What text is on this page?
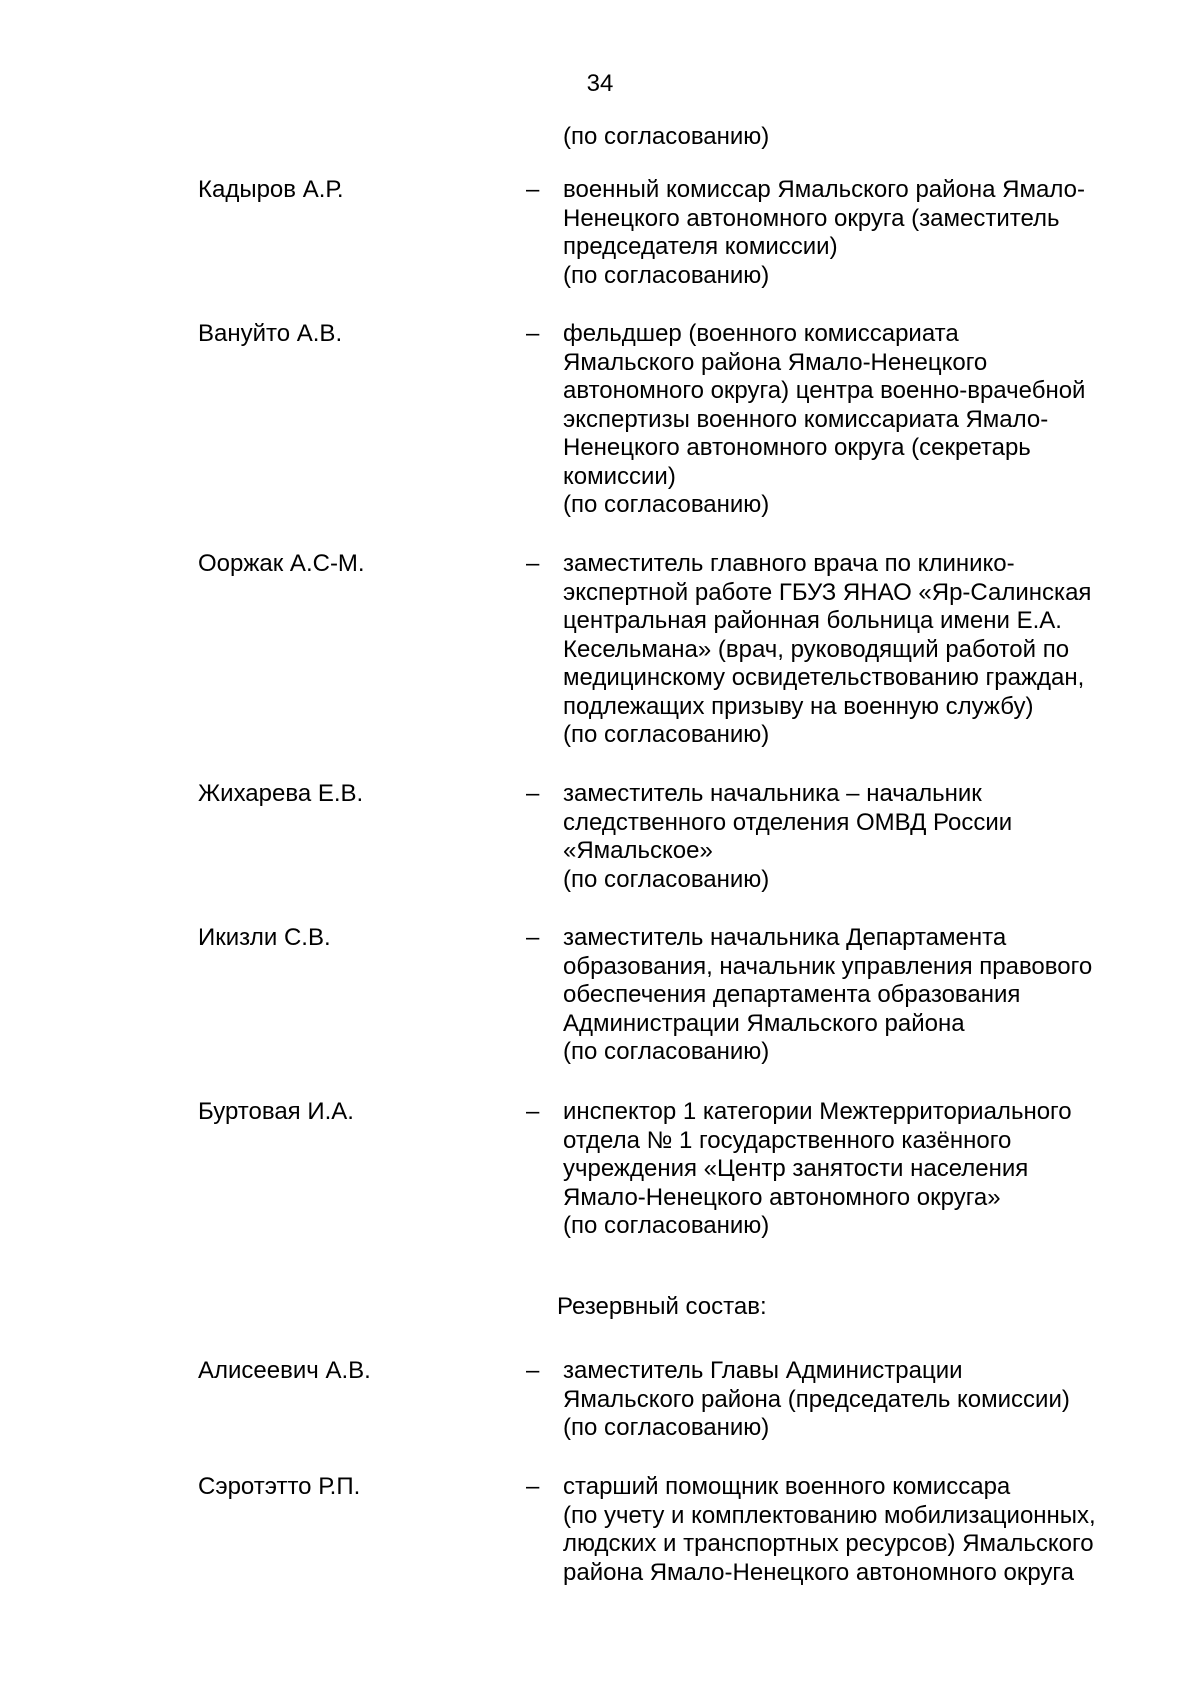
34
(по согласованию)
Кадыров А.Р.	– военный комиссар Ямальского района Ямало-
Ненецкого автономного округа (заместитель
председателя комиссии)
(по согласованию)
Вануйто А.В.	– фельдшер (военного комиссариата
Ямальского района Ямало-Ненецкого
автономного округа) центра военно-врачебной
экспертизы военного комиссариата Ямало-
Ненецкого автономного округа (секретарь
комиссии)
(по согласованию)
Ооржак А.С-М.	– заместитель главного врача по клинико-
экспертной работе ГБУЗ ЯНАО «Яр-Салинская
центральная районная больница имени Е.А.
Кесельмана» (врач, руководящий работой по
медицинскому освидетельствованию граждан,
подлежащих призыву на военную службу)
(по согласованию)
Жихарева Е.В.	– заместитель начальника – начальник
следственного отделения ОМВД России
«Ямальское»
(по согласованию)
Икизли С.В.	– заместитель начальника Департамента
образования, начальник управления правового
обеспечения департамента образования
Администрации Ямальского района
(по согласованию)
Буртовая И.А.	– инспектор 1 категории Межтерриториального
отдела № 1 государственного казённого
учреждения «Центр занятости населения
Ямало-Ненецкого автономного округа»
(по согласованию)
Резервный состав:
Алисеевич А.В.	– заместитель Главы Администрации
Ямальского района (председатель комиссии)
(по согласованию)
Сэротэтто Р.П.	– старший помощник военного комиссара
(по учету и комплектованию мобилизационных,
людских и транспортных ресурсов) Ямальского
района Ямало-Ненецкого автономного округа
